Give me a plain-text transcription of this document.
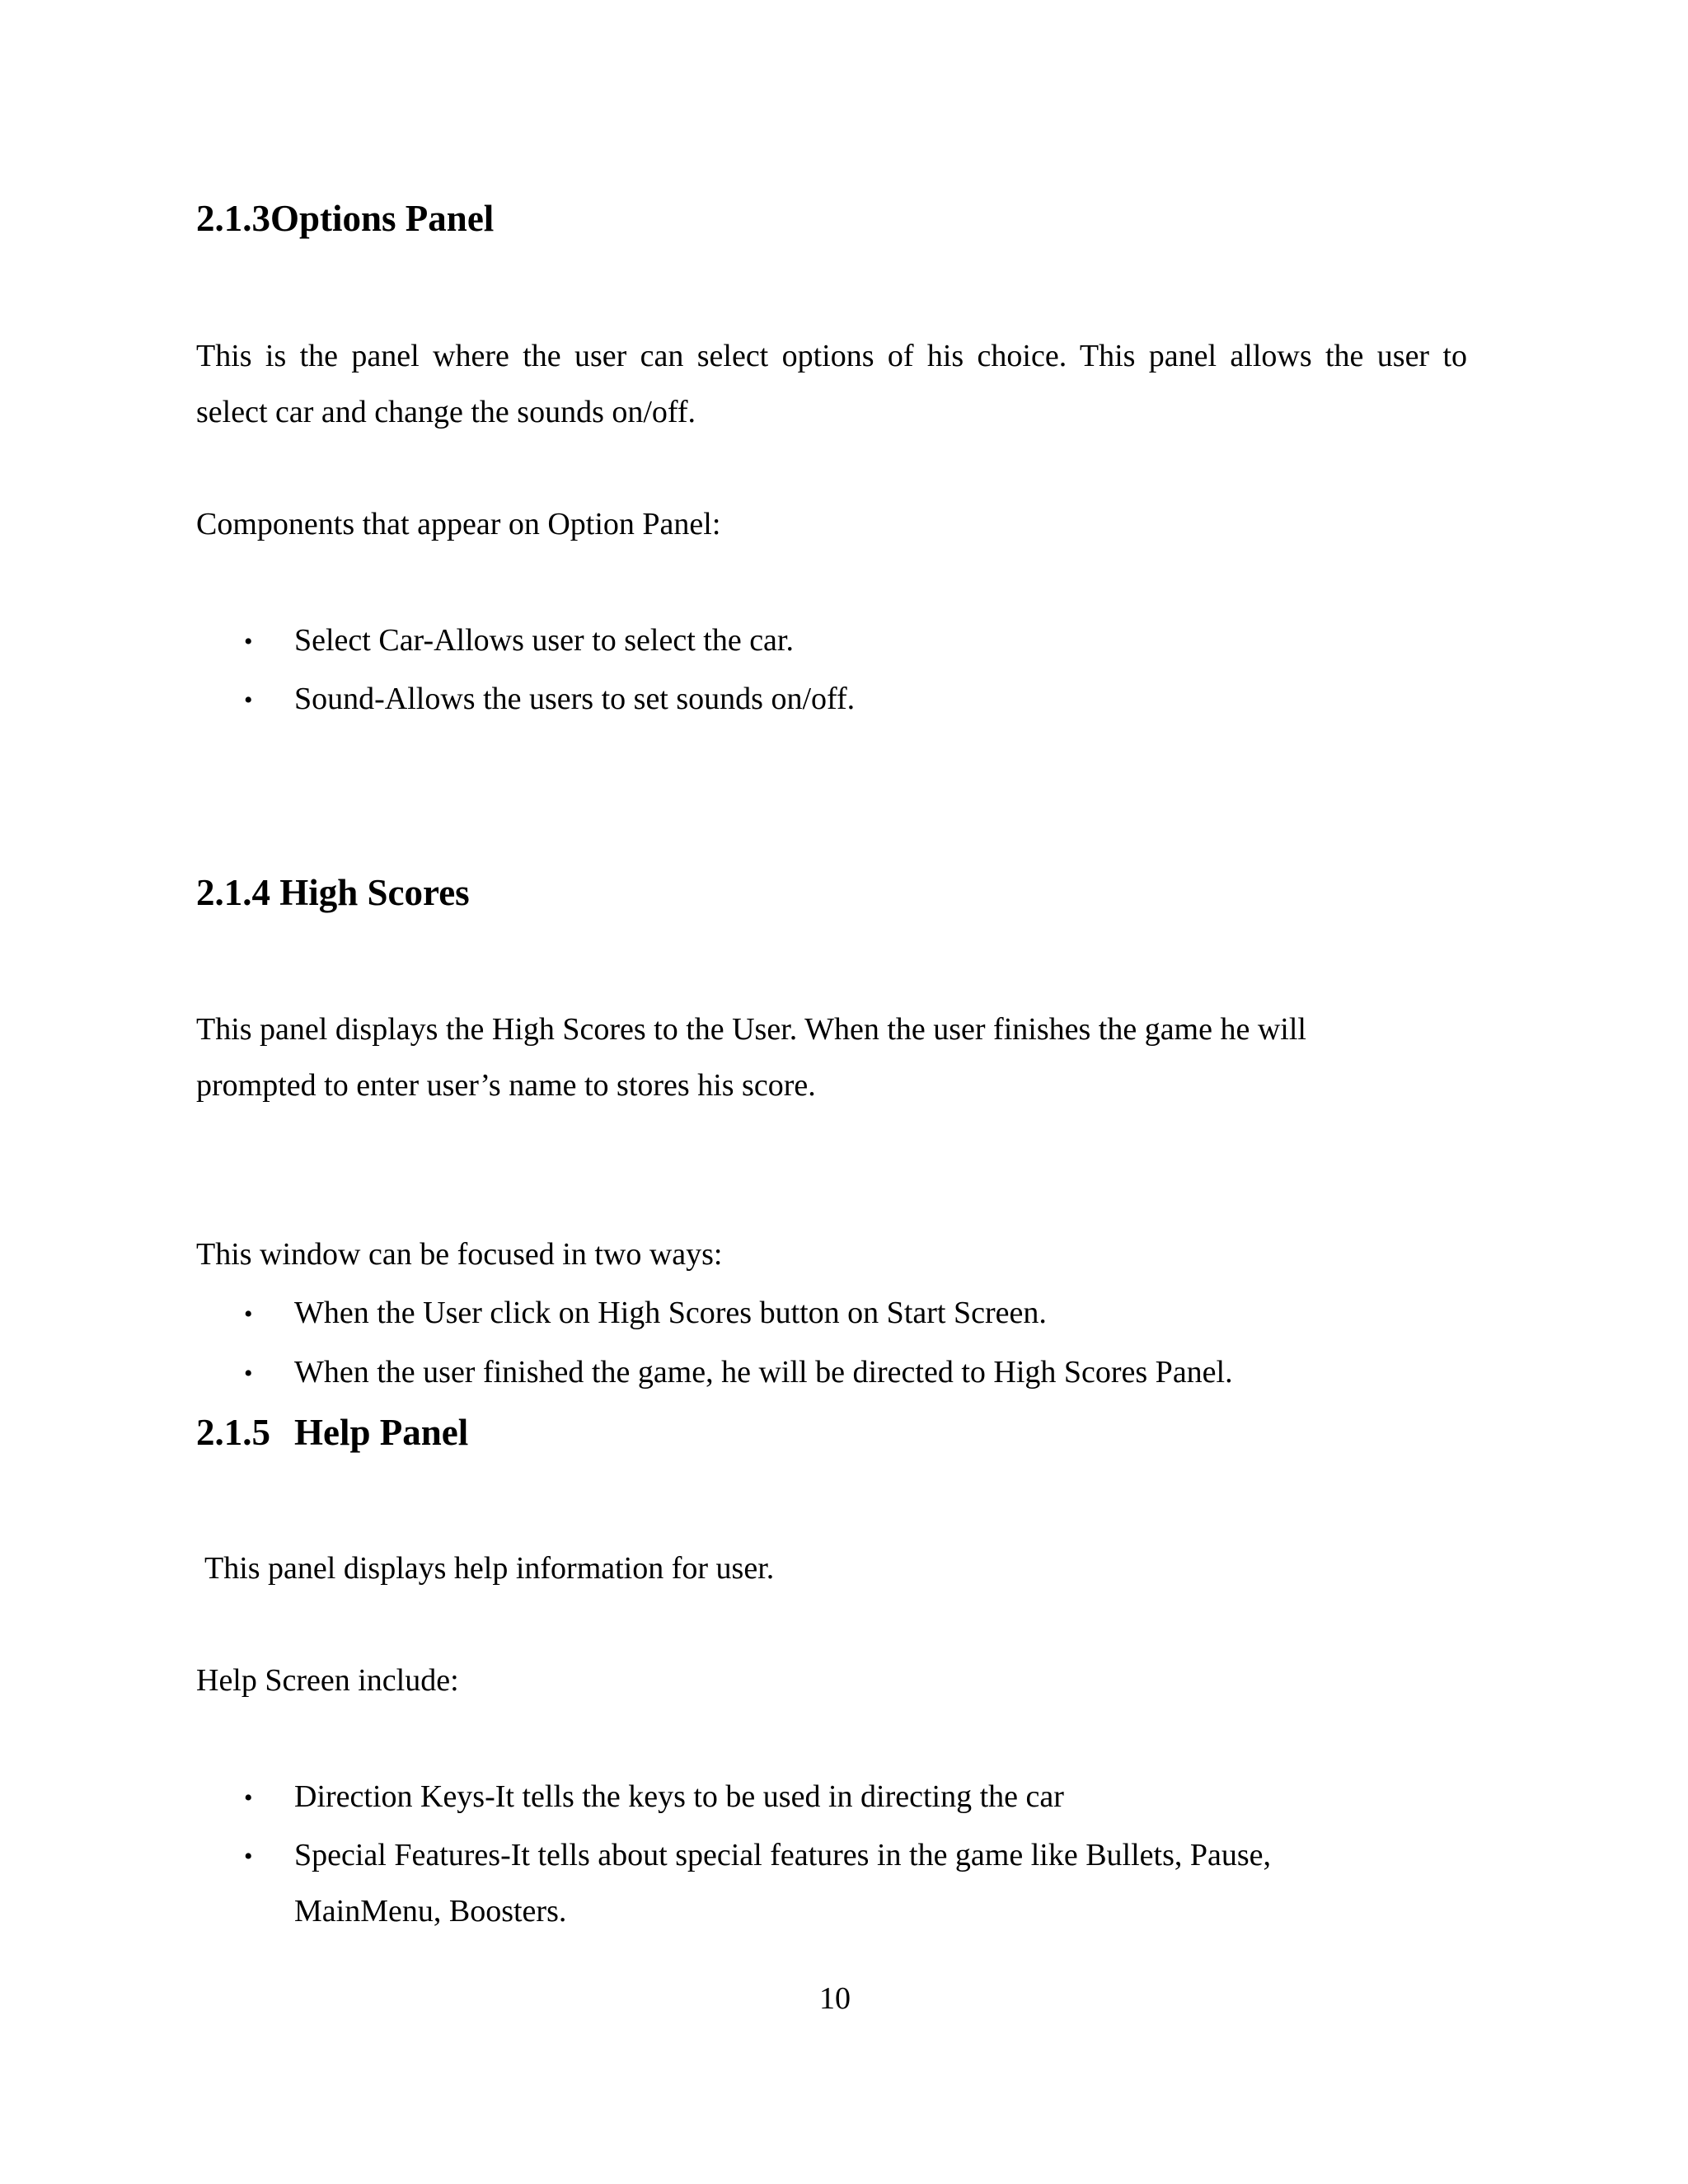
2.1.3Options Panel
This is the panel where the user can select options of his choice. This panel allows the user to
select car and change the sounds on/off.
Components that appear on Option Panel:
• Select Car-Allows user to select the car.
• Sound-Allows the users to set sounds on/off.
2.1.4 High Scores
This panel displays the High Scores to the User. When the user finishes the game he will
prompted to enter user’s name to stores his score.
This window can be focused in two ways:
• When the User click on High Scores button on Start Screen.
• When the user finished the game, he will be directed to High Scores Panel.
2.1.5 Help Panel
This panel displays help information for user.
Help Screen include:
• Direction Keys-It tells the keys to be used in directing the car
• Special Features-It tells about special features in the game like Bullets, Pause,
MainMenu, Boosters.
10
